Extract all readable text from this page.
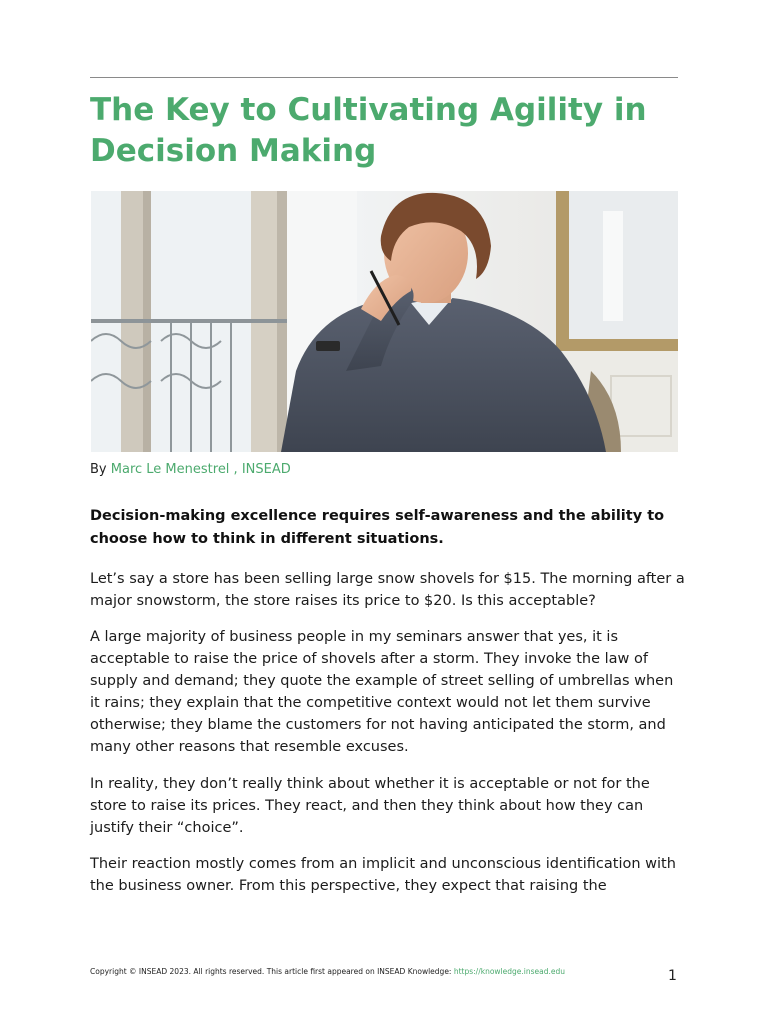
The Key to Cultivating Agility in Decision Making
By Marc Le Menestrel , INSEAD

Decision-making excellence requires self-awareness and the ability to choose how to think in different situations.

Let’s say a store has been selling large snow shovels for $15. The morning after a major snowstorm, the store raises its price to $20. Is this acceptable?

A large majority of business people in my seminars answer that yes, it is acceptable to raise the price of shovels after a storm. They invoke the law of supply and demand; they quote the example of street selling of umbrellas when it rains; they explain that the competitive context would not let them survive otherwise; they blame the customers for not having anticipated the storm, and many other reasons that resemble excuses.

In reality, they don’t really think about whether it is acceptable or not for the store to raise its prices. They react, and then they think about how they can justify their “choice”.

Their reaction mostly comes from an implicit and unconscious identification with the business owner. From this perspective, they expect that raising the

Copyright © INSEAD 2023. All rights reserved. This article first appeared on INSEAD Knowledge: https://knowledge.insead.edu	1
